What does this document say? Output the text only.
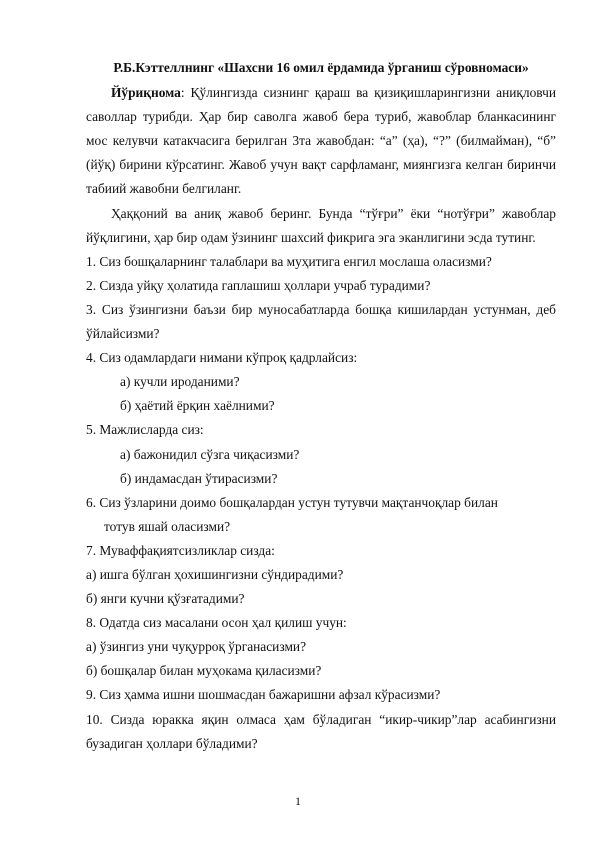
Р.Б.Кэттеллнинг «Шахсни 16 омил ёрдамида ўрганиш сўровномаси»
Йўриқнома: Қўлингизда сизнинг қараш ва қизиқишларингизни аниқловчи саволлар турибди. Ҳар бир саволга жавоб бера туриб, жавоблар бланкасининг мос келувчи катакчасига берилган 3та жавобдан: “а” (ҳа), “?” (билмайман), “б” (йўқ) бирини кўрсатинг. Жавоб учун вақт сарфламанг, миянгизга келган биринчи табиий жавобни белгиланг.
Ҳаққоний ва аниқ жавоб беринг. Бунда “тўғри” ёки “нотўғри” жавоблар йўқлигини, ҳар бир одам ўзининг шахсий фикрига эга эканлигини эсда тутинг.
1. Сиз бошқаларнинг талаблари ва муҳитига енгил мослаша оласизми?
2. Сизда уйқу ҳолатида гаплашиш ҳоллари учраб турадими?
3. Сиз ўзингизни баъзи бир муносабатларда бошқа кишилардан устунман, деб ўйлайсизми?
4. Сиз одамлардаги нимани кўпроқ қадрлайсиз:
а) кучли ироданими?
б) ҳаётий ёрқин хаёлними?
5. Мажлисларда сиз:
а) бажонидил сўзга чиқасизми?
б) индамасдан ўтирасизми?
6. Сиз ўзларини доимо бошқалардан устун тутувчи мақтанчоқлар билан
тотув яшай оласизми?
7. Муваффақиятсизликлар сизда:
а) ишга бўлган ҳохишингизни сўндирадими?
б) янги кучни қўзғатадими?
8. Одатда сиз масалани осон ҳал қилиш учун:
а) ўзингиз уни чуқурроқ ўрганасизми?
б) бошқалар билан муҳокама қиласизми?
9. Сиз ҳамма ишни шошмасдан бажаришни афзал кўрасизми?
10. Сизда юракка яқин олмаса ҳам бўладиган “икир-чикир”лар асабингизни бузадиган ҳоллари бўладими?
1
